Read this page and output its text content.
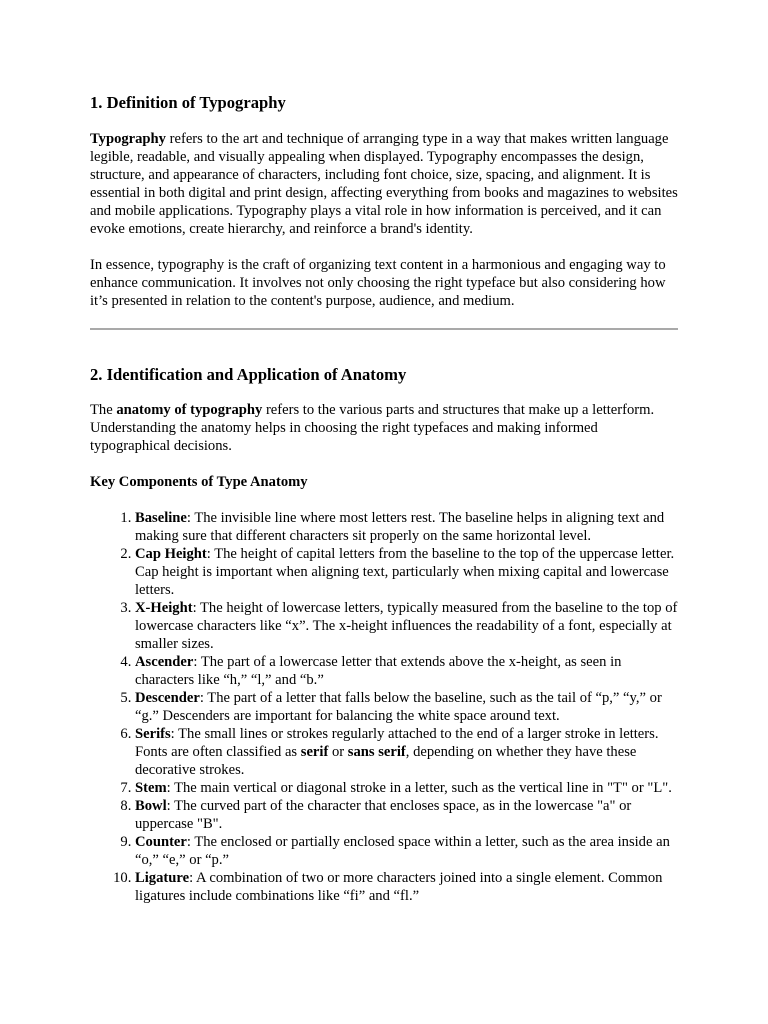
1. Definition of Typography

Typography refers to the art and technique of arranging type in a way that makes written language legible, readable, and visually appealing when displayed. Typography encompasses the design, structure, and appearance of characters, including font choice, size, spacing, and alignment. It is essential in both digital and print design, affecting everything from books and magazines to websites and mobile applications. Typography plays a vital role in how information is perceived, and it can evoke emotions, create hierarchy, and reinforce a brand's identity.

In essence, typography is the craft of organizing text content in a harmonious and engaging way to enhance communication. It involves not only choosing the right typeface but also considering how it’s presented in relation to the content's purpose, audience, and medium.

2. Identification and Application of Anatomy

The anatomy of typography refers to the various parts and structures that make up a letterform. Understanding the anatomy helps in choosing the right typefaces and making informed typographical decisions.

Key Components of Type Anatomy

1. Baseline: The invisible line where most letters rest. The baseline helps in aligning text and making sure that different characters sit properly on the same horizontal level.
2. Cap Height: The height of capital letters from the baseline to the top of the uppercase letter. Cap height is important when aligning text, particularly when mixing capital and lowercase letters.
3. X-Height: The height of lowercase letters, typically measured from the baseline to the top of lowercase characters like “x”. The x-height influences the readability of a font, especially at smaller sizes.
4. Ascender: The part of a lowercase letter that extends above the x-height, as seen in characters like “h,” “l,” and “b.”
5. Descender: The part of a letter that falls below the baseline, such as the tail of “p,” “y,” or “g.” Descenders are important for balancing the white space around text.
6. Serifs: The small lines or strokes regularly attached to the end of a larger stroke in letters. Fonts are often classified as serif or sans serif, depending on whether they have these decorative strokes.
7. Stem: The main vertical or diagonal stroke in a letter, such as the vertical line in "T" or "L".
8. Bowl: The curved part of the character that encloses space, as in the lowercase "a" or uppercase "B".
9. Counter: The enclosed or partially enclosed space within a letter, such as the area inside an “o,” “e,” or “p.”
10. Ligature: A combination of two or more characters joined into a single element. Common ligatures include combinations like “fi” and “fl.”
